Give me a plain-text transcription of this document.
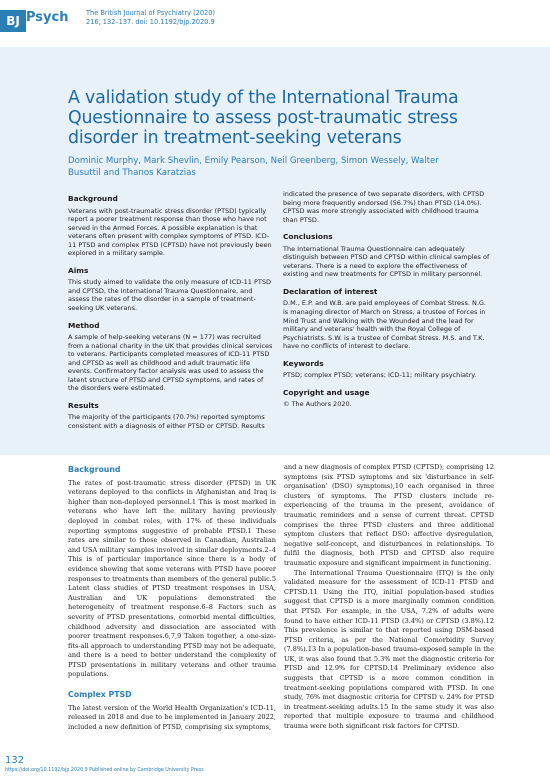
BJ Psych	The British Journal of Psychiatry (2020)
216, 132–137. doi: 10.1192/bjp.2020.9
A validation study of the International Trauma Questionnaire to assess post-traumatic stress disorder in treatment-seeking veterans
Dominic Murphy, Mark Shevlin, Emily Pearson, Neil Greenberg, Simon Wessely, Walter Busuttil and Thanos Karatzias
Background

Veterans with post-traumatic stress disorder (PTSD) typically report a poorer treatment response than those who have not served in the Armed Forces. A possible explanation is that veterans often present with complex symptoms of PTSD. ICD-11 PTSD and complex PTSD (CPTSD) have not previously been explored in a military sample.

Aims

This study aimed to validate the only measure of ICD-11 PTSD and CPTSD, the International Trauma Questionnaire, and assess the rates of the disorder in a sample of treatment-seeking UK veterans.

Method

A sample of help-seeking veterans (N = 177) was recruited from a national charity in the UK that provides clinical services to veterans. Participants completed measures of ICD-11 PTSD and CPTSD as well as childhood and adult traumatic life events. Confirmatory factor analysis was used to assess the latent structure of PTSD and CPTSD symptoms, and rates of the disorders were estimated.

Results

The majority of the participants (70.7%) reported symptoms consistent with a diagnosis of either PTSD or CPTSD. Results

indicated the presence of two separate disorders, with CPTSD being more frequently endorsed (56.7%) than PTSD (14.0%). CPTSD was more strongly associated with childhood trauma than PTSD.

Conclusions

The International Trauma Questionnaire can adequately distinguish between PTSD and CPTSD within clinical samples of veterans. There is a need to explore the effectiveness of existing and new treatments for CPTSD in military personnel.

Declaration of interest

D.M., E.P. and W.B. are paid employees of Combat Stress. N.G. is managing director of March on Stress, a trustee of Forces in Mind Trust and Walking with the Wounded and the lead for military and veterans' health with the Royal College of Psychiatrists. S.W. is a trustee of Combat Stress. M.S. and T.K. have no conflicts of interest to declare.

Keywords

PTSD; complex PTSD; veterans; ICD-11; military psychiatry.

Copyright and usage

© The Authors 2020.

Background

The rates of post-traumatic stress disorder (PTSD) in UK veterans deployed to the conflicts in Afghanistan and Iraq is higher than non-deployed personnel.1 This is most marked in veterans who have left the military having previously deployed in combat roles, with 17% of these individuals reporting symptoms suggestive of probable PTSD.1 These rates are similar to those observed in Canadian, Australian and USA military samples involved in similar deployments.2–4 This is of particular importance since there is a body of evidence showing that some veterans with PTSD have poorer responses to treatments than members of the general public.5 Latent class studies of PTSD treatment responses in USA, Australian and UK populations demonstrated the heterogeneity of treatment response.6–8 Factors such as severity of PTSD presentations, comorbid mental difficulties, childhood adversity and dissociation are associated with poorer treatment responses.6,7,9 Taken together, a one-size-fits-all approach to understanding PTSD may not be adequate, and there is a need to better understand the complexity of PTSD presentations in military veterans and other trauma populations.

Complex PTSD

The latest version of the World Health Organization's ICD-11, released in 2018 and due to be implemented in January 2022, included a new definition of PTSD, comprising six symptoms,

and a new diagnosis of complex PTSD (CPTSD), comprising 12 symptoms (six PTSD symptoms and six 'disturbance in self-organisation' (DSO) symptoms),10 each organised in three clusters of symptoms. The PTSD clusters include re-experiencing of the trauma in the present, avoidance of traumatic reminders and a sense of current threat. CPTSD comprises the three PTSD clusters and three additional symptom clusters that reflect DSO: affective dysregulation, negative self-concept, and disturbances in relationships. To fulfil the diagnosis, both PTSD and CPTSD also require traumatic exposure and significant impairment in functioning.

The International Trauma Questionnaire (ITQ) is the only validated measure for the assessment of ICD-11 PTSD and CPTSD.11 Using the ITQ, initial population-based studies suggest that CPTSD is a more marginally common condition that PTSD. For example, in the USA, 7.2% of adults were found to have either ICD-11 PTSD (3.4%) or CPTSD (3.8%).12 This prevalence is similar to that reported using DSM-based PTSD criteria, as per the National Comorbidity Survey (7.8%).13 In a population-based trauma-exposed sample in the UK, it was also found that 5.3% met the diagnostic criteria for PTSD and 12.9% for CPTSD.14 Preliminary evidence also suggests that CPTSD is a more common condition in treatment-seeking populations compared with PTSD. In one study, 76% met diagnostic criteria for CPTSD v. 24% for PTSD in treatment-seeking adults.15 In the same study it was also reported that multiple exposure to trauma and childhood trauma were both significant risk factors for CPTSD.

132
https://doi.org/10.1192/bjp.2020.9 Published online by Cambridge University Press
